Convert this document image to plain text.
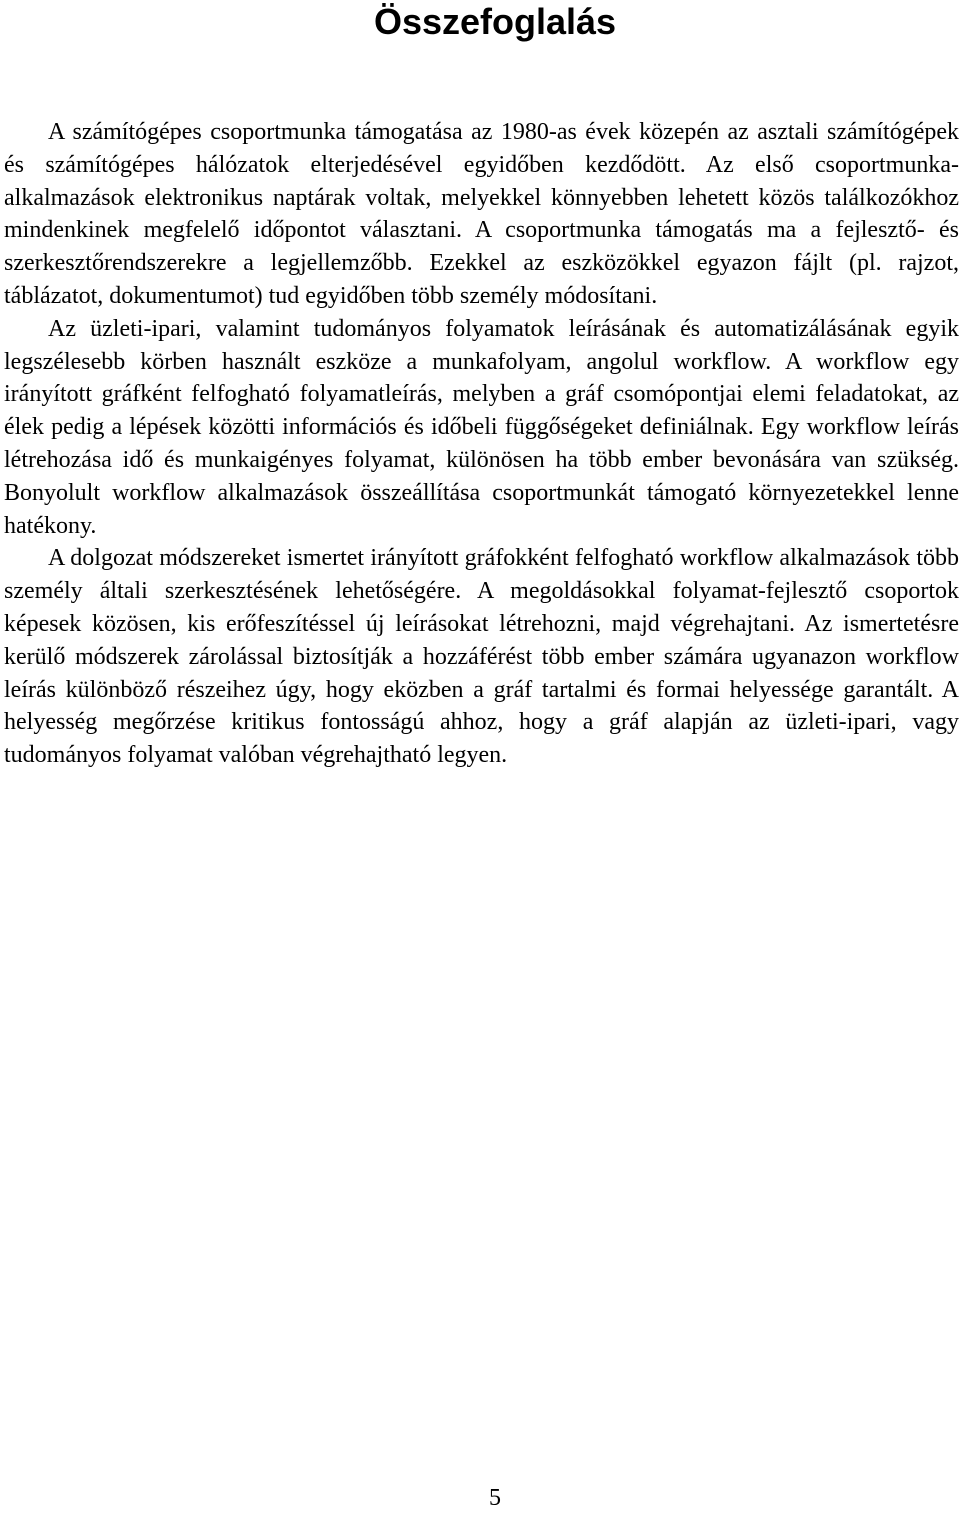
Összefoglalás

A számítógépes csoportmunka támogatása az 1980-as évek közepén az asztali számítógépek és számítógépes hálózatok elterjedésével egyidőben kezdődött. Az első csoportmunka-alkalmazások elektronikus naptárak voltak, melyekkel könnyebben lehetett közös találkozókhoz mindenkinek megfelelő időpontot választani. A csoportmunka támogatás ma a fejlesztő- és szerkesztőrendszerekre a legjellemzőbb. Ezekkel az eszközökkel egyazon fájlt (pl. rajzot, táblázatot, dokumentumot) tud egyidőben több személy módosítani.

Az üzleti-ipari, valamint tudományos folyamatok leírásának és automatizálásának egyik legszélesebb körben használt eszköze a munkafolyam, angolul workflow. A workflow egy irányított gráfként felfogható folyamatleírás, melyben a gráf csomópontjai elemi feladatokat, az élek pedig a lépések közötti információs és időbeli függőségeket definiálnak. Egy workflow leírás létrehozása idő és munkaigényes folyamat, különösen ha több ember bevonására van szükség. Bonyolult workflow alkalmazások összeállítása csoportmunkát támogató környezetekkel lenne hatékony.

A dolgozat módszereket ismertet irányított gráfokként felfogható workflow alkalmazások több személy általi szerkesztésének lehetőségére. A megoldásokkal folyamat-fejlesztő csoportok képesek közösen, kis erőfeszítéssel új leírásokat létrehozni, majd végrehajtani. Az ismertetésre kerülő módszerek zárolással biztosítják a hozzáférést több ember számára ugyanazon workflow leírás különböző részeihez úgy, hogy eközben a gráf tartalmi és formai helyessége garantált. A helyesség megőrzése kritikus fontosságú ahhoz, hogy a gráf alapján az üzleti-ipari, vagy tudományos folyamat valóban végrehajtható legyen.

5
